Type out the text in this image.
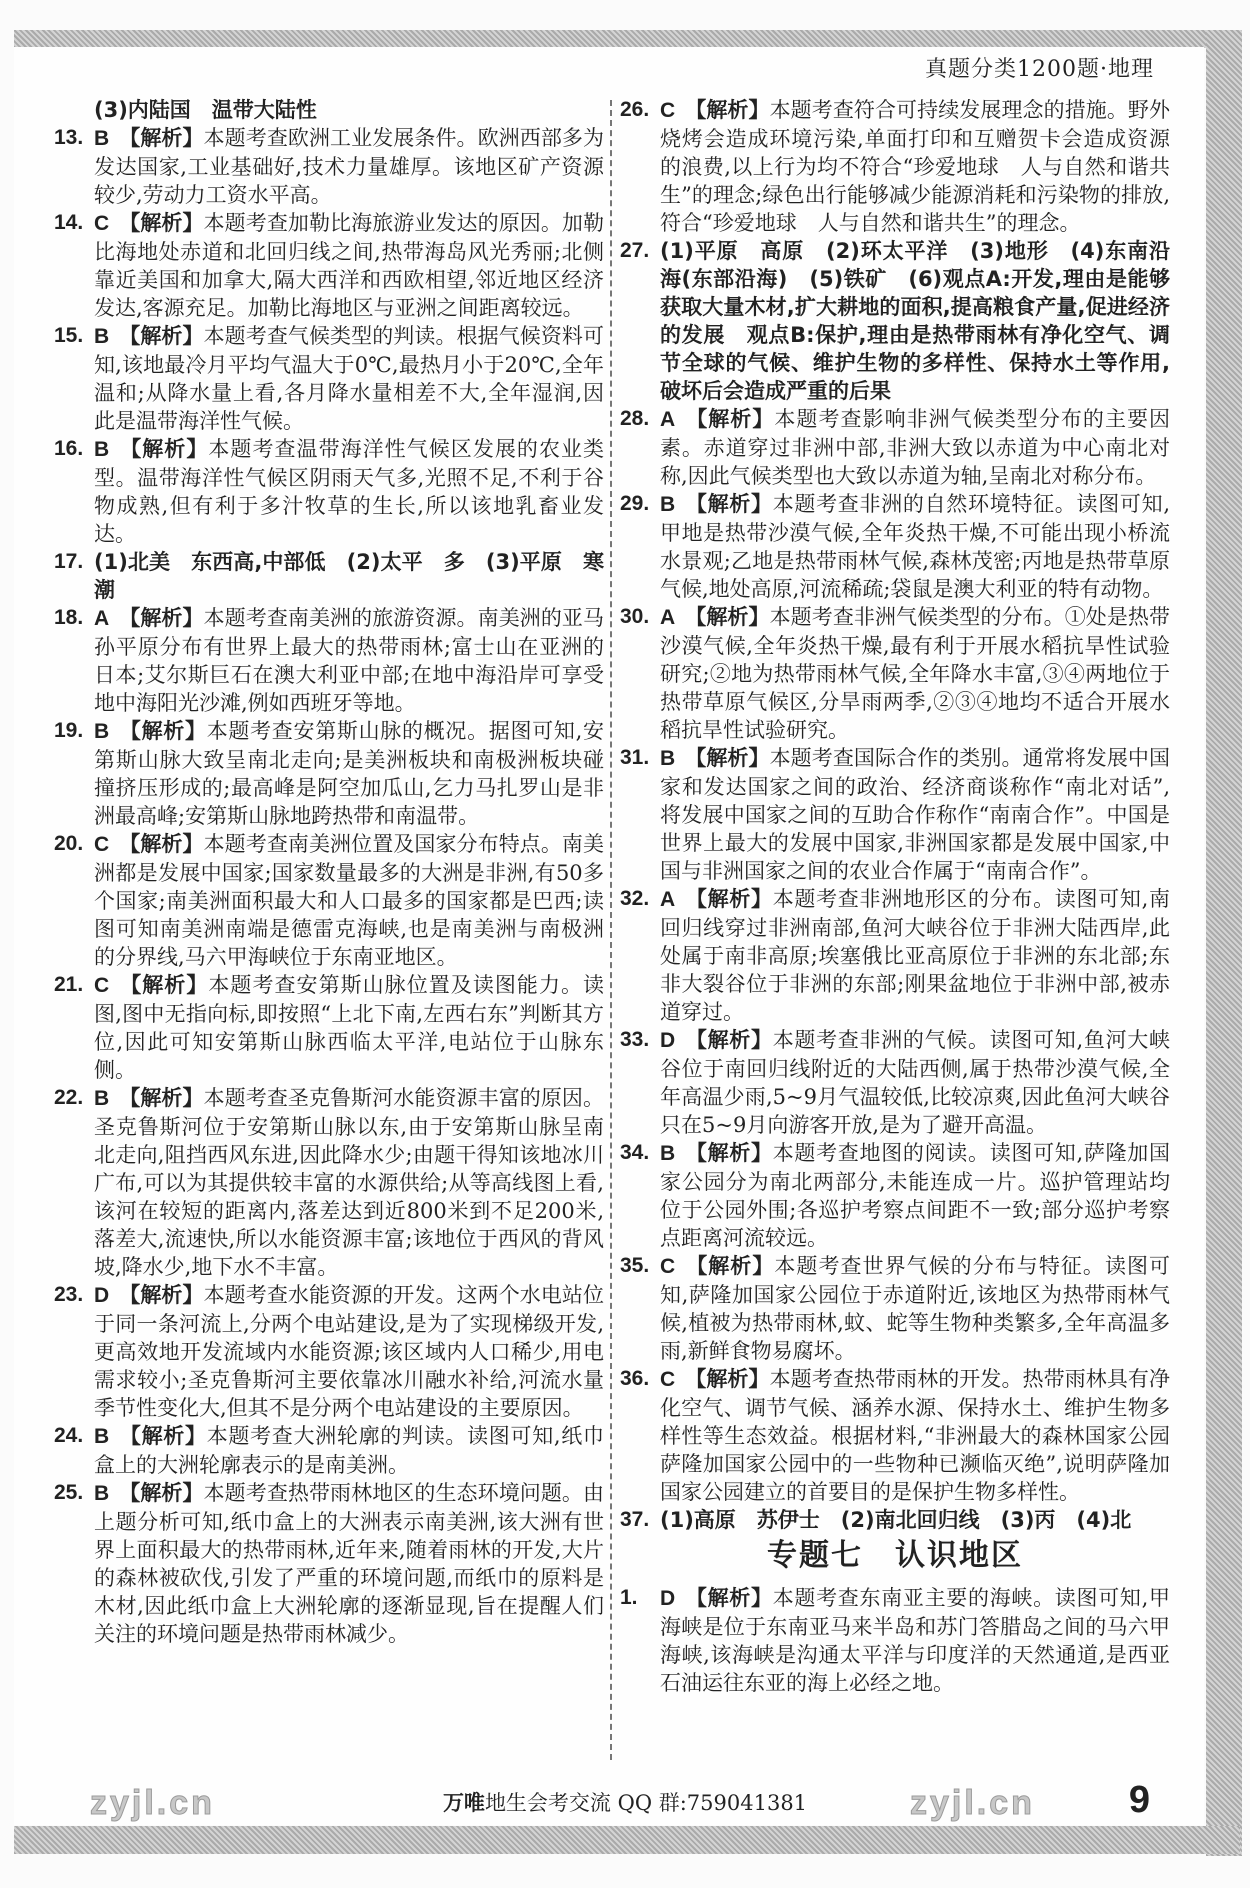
真题分类1200题·地理
(3)内陆国　温带大陆性
13. B 【解析】本题考查欧洲工业发展条件。欧洲西部多为发达国家,工业基础好,技术力量雄厚。该地区矿产资源较少,劳动力工资水平高。
14. C 【解析】本题考查加勒比海旅游业发达的原因。加勒比海地处赤道和北回归线之间,热带海岛风光秀丽;北侧靠近美国和加拿大,隔大西洋和西欧相望,邻近地区经济发达,客源充足。加勒比海地区与亚洲之间距离较远。
15. B 【解析】本题考查气候类型的判读。根据气候资料可知,该地最冷月平均气温大于0℃,最热月小于20℃,全年温和;从降水量上看,各月降水量相差不大,全年湿润,因此是温带海洋性气候。
16. B 【解析】本题考查温带海洋性气候区发展的农业类型。温带海洋性气候区阴雨天气多,光照不足,不利于谷物成熟,但有利于多汁牧草的生长,所以该地乳畜业发达。
17. (1)北美　东西高,中部低　(2)太平　多　(3)平原　寒潮
18. A 【解析】本题考查南美洲的旅游资源。南美洲的亚马孙平原分布有世界上最大的热带雨林;富士山在亚洲的日本;艾尔斯巨石在澳大利亚中部;在地中海沿岸可享受地中海阳光沙滩,例如西班牙等地。
19. B 【解析】本题考查安第斯山脉的概况。据图可知,安第斯山脉大致呈南北走向;是美洲板块和南极洲板块碰撞挤压形成的;最高峰是阿空加瓜山,乞力马扎罗山是非洲最高峰;安第斯山脉地跨热带和南温带。
20. C 【解析】本题考查南美洲位置及国家分布特点。南美洲都是发展中国家;国家数量最多的大洲是非洲,有50多个国家;南美洲面积最大和人口最多的国家都是巴西;读图可知南美洲南端是德雷克海峡,也是南美洲与南极洲的分界线,马六甲海峡位于东南亚地区。
21. C 【解析】本题考查安第斯山脉位置及读图能力。读图,图中无指向标,即按照“上北下南,左西右东”判断其方位,因此可知安第斯山脉西临太平洋,电站位于山脉东侧。
22. B 【解析】本题考查圣克鲁斯河水能资源丰富的原因。圣克鲁斯河位于安第斯山脉以东,由于安第斯山脉呈南北走向,阻挡西风东进,因此降水少;由题干得知该地冰川广布,可以为其提供较丰富的水源供给;从等高线图上看,该河在较短的距离内,落差达到近800米到不足200米,落差大,流速快,所以水能资源丰富;该地位于西风的背风坡,降水少,地下水不丰富。
23. D 【解析】本题考查水能资源的开发。这两个水电站位于同一条河流上,分两个电站建设,是为了实现梯级开发,更高效地开发流域内水能资源;该区域内人口稀少,用电需求较小;圣克鲁斯河主要依靠冰川融水补给,河流水量季节性变化大,但其不是分两个电站建设的主要原因。
24. B 【解析】本题考查大洲轮廓的判读。读图可知,纸巾盒上的大洲轮廓表示的是南美洲。
25. B 【解析】本题考查热带雨林地区的生态环境问题。由上题分析可知,纸巾盒上的大洲表示南美洲,该大洲有世界上面积最大的热带雨林,近年来,随着雨林的开发,大片的森林被砍伐,引发了严重的环境问题,而纸巾的原料是木材,因此纸巾盒上大洲轮廓的逐渐显现,旨在提醒人们关注的环境问题是热带雨林减少。
26. C 【解析】本题考查符合可持续发展理念的措施。野外烧烤会造成环境污染,单面打印和互赠贺卡会造成资源的浪费,以上行为均不符合“珍爱地球　人与自然和谐共生”的理念;绿色出行能够减少能源消耗和污染物的排放,符合“珍爱地球　人与自然和谐共生”的理念。
27. (1)平原　高原　(2)环太平洋　(3)地形　(4)东南沿海(东部沿海)　(5)铁矿　(6)观点A:开发,理由是能够获取大量木材,扩大耕地的面积,提高粮食产量,促进经济的发展　观点B:保护,理由是热带雨林有净化空气、调节全球的气候、维护生物的多样性、保持水土等作用,破坏后会造成严重的后果
28. A 【解析】本题考查影响非洲气候类型分布的主要因素。赤道穿过非洲中部,非洲大致以赤道为中心南北对称,因此气候类型也大致以赤道为轴,呈南北对称分布。
29. B 【解析】本题考查非洲的自然环境特征。读图可知,甲地是热带沙漠气候,全年炎热干燥,不可能出现小桥流水景观;乙地是热带雨林气候,森林茂密;丙地是热带草原气候,地处高原,河流稀疏;袋鼠是澳大利亚的特有动物。
30. A 【解析】本题考查非洲气候类型的分布。①处是热带沙漠气候,全年炎热干燥,最有利于开展水稻抗旱性试验研究;②地为热带雨林气候,全年降水丰富,③④两地位于热带草原气候区,分旱雨两季,②③④地均不适合开展水稻抗旱性试验研究。
31. B 【解析】本题考查国际合作的类别。通常将发展中国家和发达国家之间的政治、经济商谈称作“南北对话”,将发展中国家之间的互助合作称作“南南合作”。中国是世界上最大的发展中国家,非洲国家都是发展中国家,中国与非洲国家之间的农业合作属于“南南合作”。
32. A 【解析】本题考查非洲地形区的分布。读图可知,南回归线穿过非洲南部,鱼河大峡谷位于非洲大陆西岸,此处属于南非高原;埃塞俄比亚高原位于非洲的东北部;东非大裂谷位于非洲的东部;刚果盆地位于非洲中部,被赤道穿过。
33. D 【解析】本题考查非洲的气候。读图可知,鱼河大峡谷位于南回归线附近的大陆西侧,属于热带沙漠气候,全年高温少雨,5~9月气温较低,比较凉爽,因此鱼河大峡谷只在5~9月向游客开放,是为了避开高温。
34. B 【解析】本题考查地图的阅读。读图可知,萨隆加国家公园分为南北两部分,未能连成一片。巡护管理站均位于公园外围;各巡护考察点间距不一致;部分巡护考察点距离河流较远。
35. C 【解析】本题考查世界气候的分布与特征。读图可知,萨隆加国家公园位于赤道附近,该地区为热带雨林气候,植被为热带雨林,蚊、蛇等生物种类繁多,全年高温多雨,新鲜食物易腐坏。
36. C 【解析】本题考查热带雨林的开发。热带雨林具有净化空气、调节气候、涵养水源、保持水土、维护生物多样性等生态效益。根据材料,“非洲最大的森林国家公园萨隆加国家公园中的一些物种已濒临灭绝”,说明萨隆加国家公园建立的首要目的是保护生物多样性。
37. (1)高原　苏伊士　(2)南北回归线　(3)丙　(4)北
专题七　认识地区
1. D 【解析】本题考查东南亚主要的海峡。读图可知,甲海峡是位于东南亚马来半岛和苏门答腊岛之间的马六甲海峡,该海峡是沟通太平洋与印度洋的天然通道,是西亚石油运往东亚的海上必经之地。
zyjl.cn	zyjl.cn
万唯地生会考交流 QQ 群:759041381	9
